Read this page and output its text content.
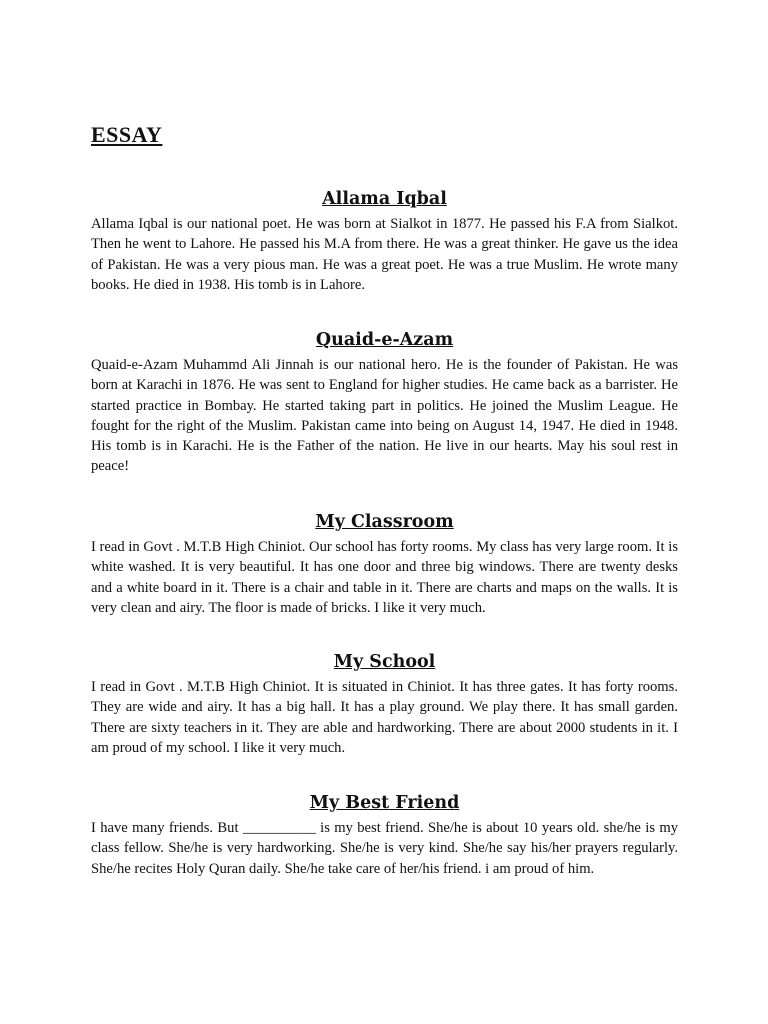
ESSAY
Allama Iqbal

Allama Iqbal is our national poet. He was born at Sialkot in 1877. He passed his F.A from Sialkot. Then he went to Lahore. He passed his M.A from there. He was a great thinker. He gave us the idea of Pakistan. He was a very pious man. He was a great poet. He was a true Muslim. He wrote many books. He died in 1938. His tomb is in Lahore.

Quaid-e-Azam

Quaid-e-Azam Muhammd Ali Jinnah is our national hero. He is the founder of Pakistan. He was born at Karachi in 1876. He was sent to England for higher studies. He came back as a barrister. He started practice in Bombay. He started taking part in politics. He joined the Muslim League. He fought for the right of the Muslim. Pakistan came into being on August 14, 1947. He died in 1948. His tomb is in Karachi. He is the Father of the nation. He live in our hearts. May his soul rest in peace!

My Classroom

I read in Govt . M.T.B High Chiniot. Our school has forty rooms. My class has very large room. It is white washed. It is very beautiful. It has one door and three big windows. There are twenty desks and a white board in it. There is a chair and table in it. There are charts and maps on the walls. It is very clean and airy. The floor is made of bricks. I like it very much.

My School

I read in Govt . M.T.B High Chiniot. It is situated in Chiniot. It has three gates. It has forty rooms. They are wide and airy. It has a big hall. It has a play ground. We play there. It has small garden. There are sixty teachers in it. They are able and hardworking. There are about 2000 students in it. I am proud of my school. I like it very much.

My Best Friend

I have many friends. But __________ is my best friend. She/he is about 10 years old. she/he is my class fellow. She/he is very hardworking. She/he is very kind. She/he say his/her prayers regularly. She/he recites Holy Quran daily. She/he take care of her/his friend. i am proud of him.
